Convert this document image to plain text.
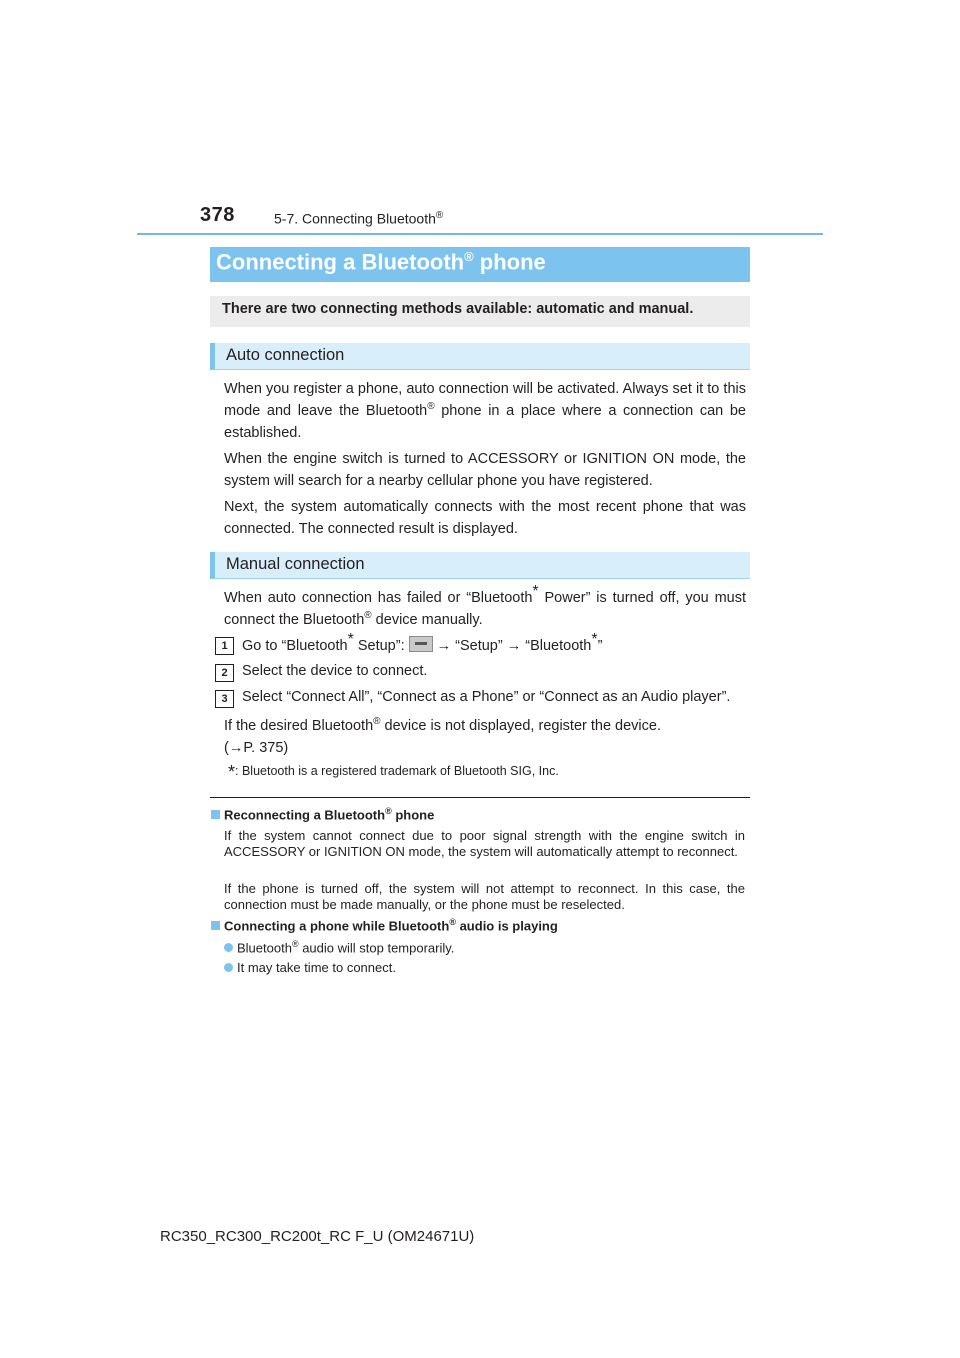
378	5-7. Connecting Bluetooth®
Connecting a Bluetooth® phone
There are two connecting methods available: automatic and manual.
Auto connection
When you register a phone, auto connection will be activated. Always set it to this mode and leave the Bluetooth® phone in a place where a connection can be established.
When the engine switch is turned to ACCESSORY or IGNITION ON mode, the system will search for a nearby cellular phone you have registered.
Next, the system automatically connects with the most recent phone that was connected. The connected result is displayed.
Manual connection
When auto connection has failed or “Bluetooth* Power” is turned off, you must connect the Bluetooth® device manually.
1 Go to “Bluetooth* Setup”: → “Setup” → “Bluetooth*”
2 Select the device to connect.
3 Select “Connect All”, “Connect as a Phone” or “Connect as an Audio player”.
If the desired Bluetooth® device is not displayed, register the device.
(→P. 375)
*: Bluetooth is a registered trademark of Bluetooth SIG, Inc.
Reconnecting a Bluetooth® phone
If the system cannot connect due to poor signal strength with the engine switch in ACCESSORY or IGNITION ON mode, the system will automatically attempt to reconnect.
If the phone is turned off, the system will not attempt to reconnect. In this case, the connection must be made manually, or the phone must be reselected.
Connecting a phone while Bluetooth® audio is playing
Bluetooth® audio will stop temporarily.
It may take time to connect.
RC350_RC300_RC200t_RC F_U (OM24671U)
